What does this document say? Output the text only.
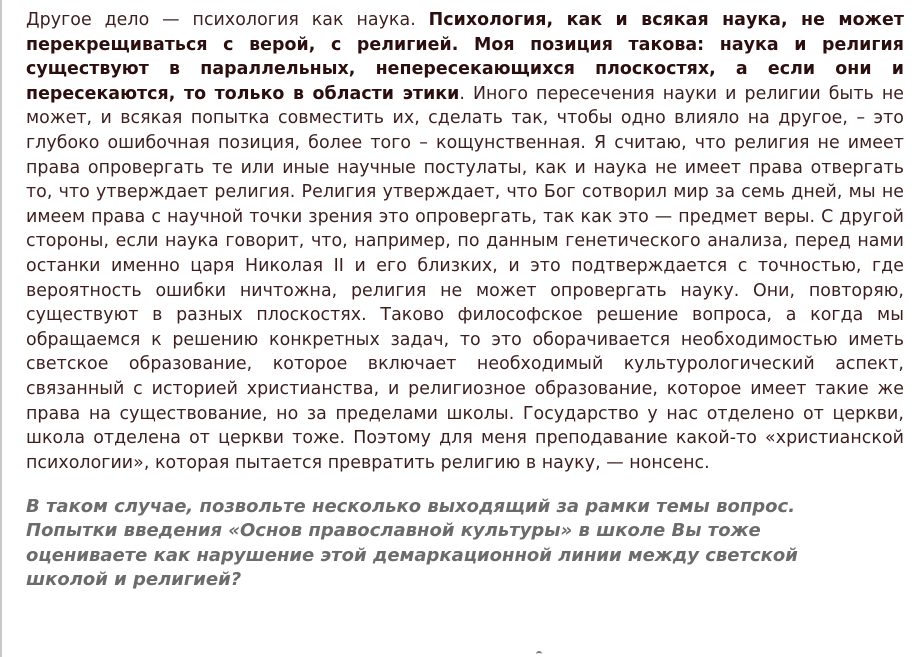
Другое дело — психология как наука. Психология, как и всякая наука, не может перекрещиваться с верой, с религией. Моя позиция такова: наука и религия существуют в параллельных, непересекающихся плоскостях, а если они и пересекаются, то только в области этики. Иного пересечения науки и религии быть не может, и всякая попытка совместить их, сделать так, чтобы одно влияло на другое, – это глубоко ошибочная позиция, более того – кощунственная. Я считаю, что религия не имеет права опровергать те или иные научные постулаты, как и наука не имеет права отвергать то, что утверждает религия. Религия утверждает, что Бог сотворил мир за семь дней, мы не имеем права с научной точки зрения это опровергать, так как это — предмет веры. С другой стороны, если наука говорит, что, например, по данным генетического анализа, перед нами останки именно царя Николая II и его близких, и это подтверждается с точностью, где вероятность ошибки ничтожна, религия не может опровергать науку. Они, повторяю, существуют в разных плоскостях. Таково философское решение вопроса, а когда мы обращаемся к решению конкретных задач, то это оборачивается необходимостью иметь светское образование, которое включает необходимый культурологический аспект, связанный с историей христианства, и религиозное образование, которое имеет такие же права на существование, но за пределами школы. Государство у нас отделено от церкви, школа отделена от церкви тоже. Поэтому для меня преподавание какой-то «христианской психологии», которая пытается превратить религию в науку, — нонсенс.

В таком случае, позвольте несколько выходящий за рамки темы вопрос. Попытки введения «Основ православной культуры» в школе Вы тоже оцениваете как нарушение этой демаркационной линии между светской школой и религией?
